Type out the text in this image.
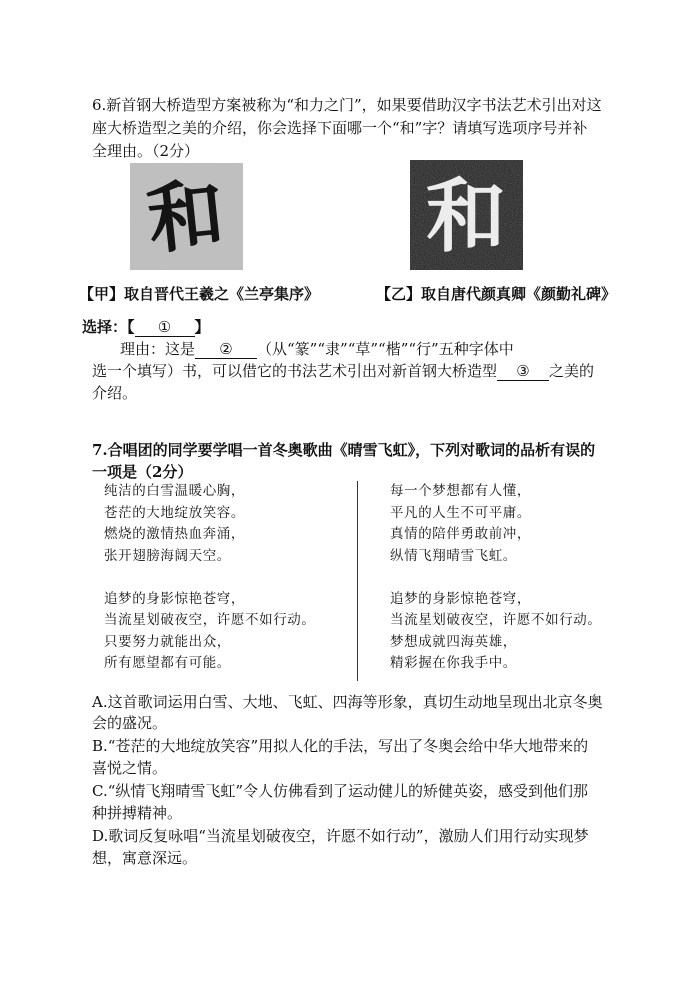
6.新首钢大桥造型方案被称为“和力之门”，如果要借助汉字书法艺术引出对这
座大桥造型之美的介绍，你会选择下面哪一个“和”字？请填写选项序号并补
全理由。（2分）
和 和
【甲】取自晋代王羲之《兰亭集序》	【乙】取自唐代颜真卿《颜勤礼碑》
选择：【 ① 】
理由：这是 ② （从“篆”“隶”“草”“楷”“行”五种字体中
选一个填写）书，可以借它的书法艺术引出对新首钢大桥造型 ③ 之美的
介绍。
7.合唱团的同学要学唱一首冬奥歌曲《晴雪飞虹》，下列对歌词的品析有误的
一项是（2分）
纯洁的白雪温暖心胸，
苍茫的大地绽放笑容。
燃烧的激情热血奔涌，
张开翅膀海阔天空。
追梦的身影惊艳苍穹，
当流星划破夜空，许愿不如行动。
只要努力就能出众，
所有愿望都有可能。
每一个梦想都有人懂，
平凡的人生不可平庸。
真情的陪伴勇敢前冲，
纵情飞翔晴雪飞虹。
追梦的身影惊艳苍穹，
当流星划破夜空，许愿不如行动。
梦想成就四海英雄，
精彩握在你我手中。
A.这首歌词运用白雪、大地、飞虹、四海等形象，真切生动地呈现出北京冬奥
会的盛况。
B.“苍茫的大地绽放笑容”用拟人化的手法，写出了冬奥会给中华大地带来的
喜悦之情。
C.“纵情飞翔晴雪飞虹”令人仿佛看到了运动健儿的矫健英姿，感受到他们那
种拼搏精神。
D.歌词反复咏唱“当流星划破夜空，许愿不如行动”，激励人们用行动实现梦
想，寓意深远。
